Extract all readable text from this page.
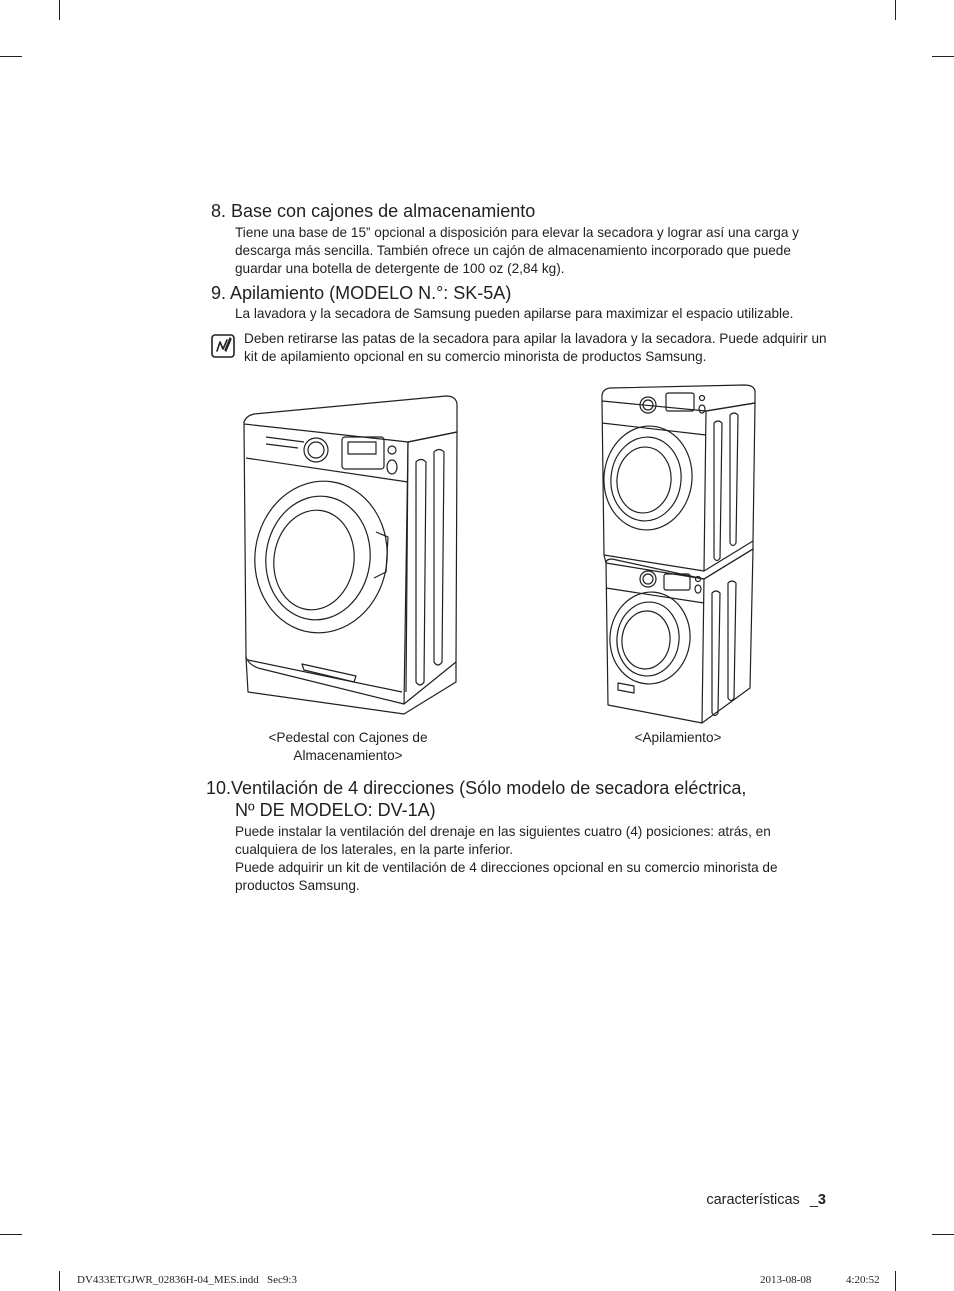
8. Base con cajones de almacenamiento

Tiene una base de 15” opcional a disposición para elevar la secadora y lograr así una carga y descarga más sencilla. También ofrece un cajón de almacenamiento incorporado que puede guardar una botella de detergente de 100 oz (2,84 kg).

9. Apilamiento (MODELO N.°: SK-5A)

La lavadora y la secadora de Samsung pueden apilarse para maximizar el espacio utilizable.

Deben retirarse las patas de la secadora para apilar la lavadora y la secadora. Puede adquirir un kit de apilamiento opcional en su comercio minorista de productos Samsung.

<Pedestal con Cajones de
Almacenamiento>

<Apilamiento>

10.Ventilación de 4 direcciones (Sólo modelo de secadora eléctrica,
Nº DE MODELO: DV-1A)

Puede instalar la ventilación del drenaje en las siguientes cuatro (4) posiciones: atrás, en cualquiera de los laterales, en la parte inferior.

Puede adquirir un kit de ventilación de 4 direcciones opcional en su comercio minorista de productos Samsung.

características _3
DV433ETGJWR_02836H-04_MES.indd   Sec9:3	2013-08-08	4:20:52
